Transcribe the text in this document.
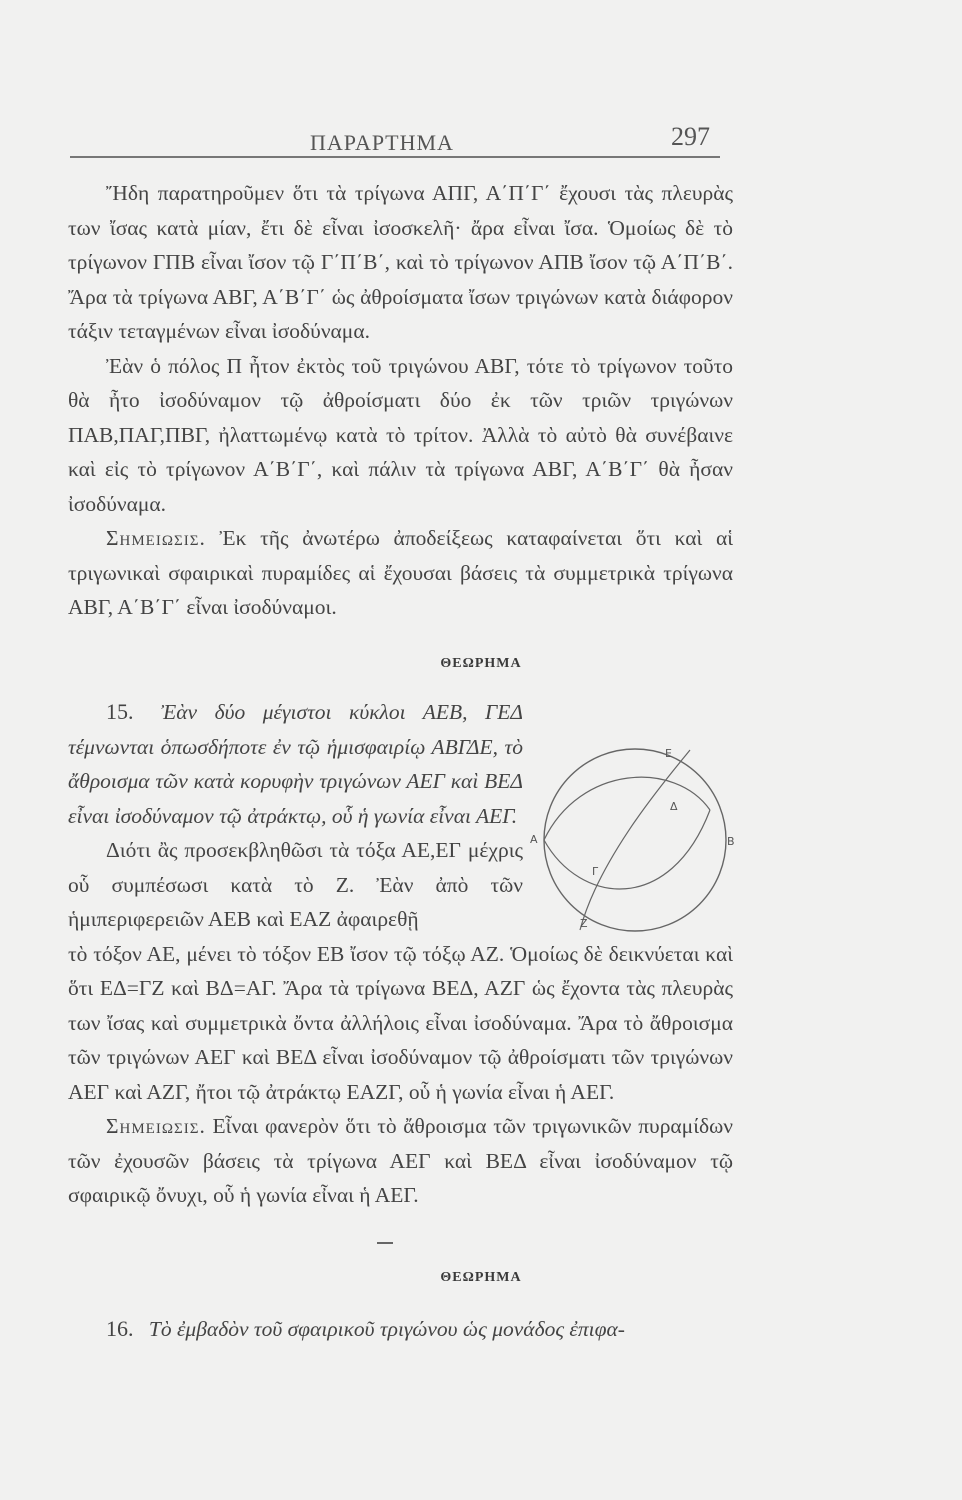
ΠΑΡΑΡΤΗΜΑ	297

Ἤδη παρατηροῦμεν ὅτι τὰ τρίγωνα ΑΠΓ, Α΄Π΄Γ΄ ἔχουσι τὰς πλευρὰς των ἴσας κατὰ μίαν, ἔτι δὲ εἶναι ἰσοσκελῆ· ἄρα εἶναι ἴσα. Ὁμοίως δὲ τὸ τρίγωνον ΓΠΒ εἶναι ἴσον τῷ Γ΄Π΄Β΄, καὶ τὸ τρίγωνον ΑΠΒ ἴσον τῷ Α΄Π΄Β΄. Ἄρα τὰ τρίγωνα ΑΒΓ, Α΄Β΄Γ΄ ὡς ἀθροίσματα ἴσων τριγώνων κατὰ διάφορον τάξιν τεταγμένων εἶναι ἰσοδύναμα.

Ἐὰν ὁ πόλος Π ἦτον ἐκτὸς τοῦ τριγώνου ΑΒΓ, τότε τὸ τρίγωνον τοῦτο θὰ ἦτο ἰσοδύναμον τῷ ἀθροίσματι δύο ἐκ τῶν τριῶν τριγώνων ΠΑΒ,ΠΑΓ,ΠΒΓ, ἠλαττωμένῳ κατὰ τὸ τρίτον. Ἀλλὰ τὸ αὐτὸ θὰ συνέβαινε καὶ εἰς τὸ τρίγωνον Α΄Β΄Γ΄, καὶ πάλιν τὰ τρίγωνα ΑΒΓ, Α΄Β΄Γ΄ θὰ ἦσαν ἰσοδύναμα.

Σημειωσις. Ἐκ τῆς ἀνωτέρω ἀποδείξεως καταφαίνεται ὅτι καὶ αἱ τριγωνικαὶ σφαιρικαὶ πυραμίδες αἱ ἔχουσαι βάσεις τὰ συμμετρικὰ τρίγωνα ΑΒΓ, Α΄Β΄Γ΄ εἶναι ἰσοδύναμοι.

ΘΕΩΡΗΜΑ
15. Ἐὰν δύο μέγιστοι κύκλοι ΑΕΒ, ΓΕΔ τέμνωνται ὁπωσδήποτε ἐν τῷ ἡμισφαιρίῳ ΑΒΓΔΕ, τὸ ἄθροισμα τῶν κατὰ κορυφὴν τριγώνων ΑΕΓ καὶ ΒΕΔ εἶναι ἰσοδύναμον τῷ ἀτράκτῳ, οὗ ἡ γωνία εἶναι ΑΕΓ.

Διότι ἂς προσεκβληθῶσι τὰ τόξα ΑΕ,ΕΓ μέχρις οὗ συμπέσωσι κατὰ τὸ Ζ. Ἐὰν ἀπὸ τῶν ἡμιπεριφερειῶν ΑΕΒ καὶ ΕΑΖ ἀφαιρεθῇ

τὸ τόξον ΑΕ, μένει τὸ τόξον ΕΒ ἴσον τῷ τόξῳ ΑΖ. Ὁμοίως δὲ δεικνύεται καὶ ὅτι ΕΔ=ΓΖ καὶ ΒΔ=ΑΓ. Ἄρα τὰ τρίγωνα ΒΕΔ, ΑΖΓ ὡς ἔχοντα τὰς πλευρὰς των ἴσας καὶ συμμετρικὰ ὄντα ἀλλήλοις εἶναι ἰσοδύναμα. Ἄρα τὸ ἄθροισμα τῶν τριγώνων ΑΕΓ καὶ ΒΕΔ εἶναι ἰσοδύναμον τῷ ἀθροίσματι τῶν τριγώνων ΑΕΓ καὶ ΑΖΓ, ἤτοι τῷ ἀτράκτῳ ΕΑΖΓ, οὗ ἡ γωνία εἶναι ἡ ΑΕΓ.

Σημειωσις. Εἶναι φανερὸν ὅτι τὸ ἄθροισμα τῶν τριγωνικῶν πυραμίδων τῶν ἐχουσῶν βάσεις τὰ τρίγωνα ΑΕΓ καὶ ΒΕΔ εἶναι ἰσοδύναμον τῷ σφαιρικῷ ὄνυχι, οὗ ἡ γωνία εἶναι ἡ ΑΕΓ.

A	B
E
Δ
Γ
Z
ΘΕΩΡΗΜΑ

16. Τὸ ἐμβαδὸν τοῦ σφαιρικοῦ τριγώνου ὡς μονάδος ἐπιφα-
